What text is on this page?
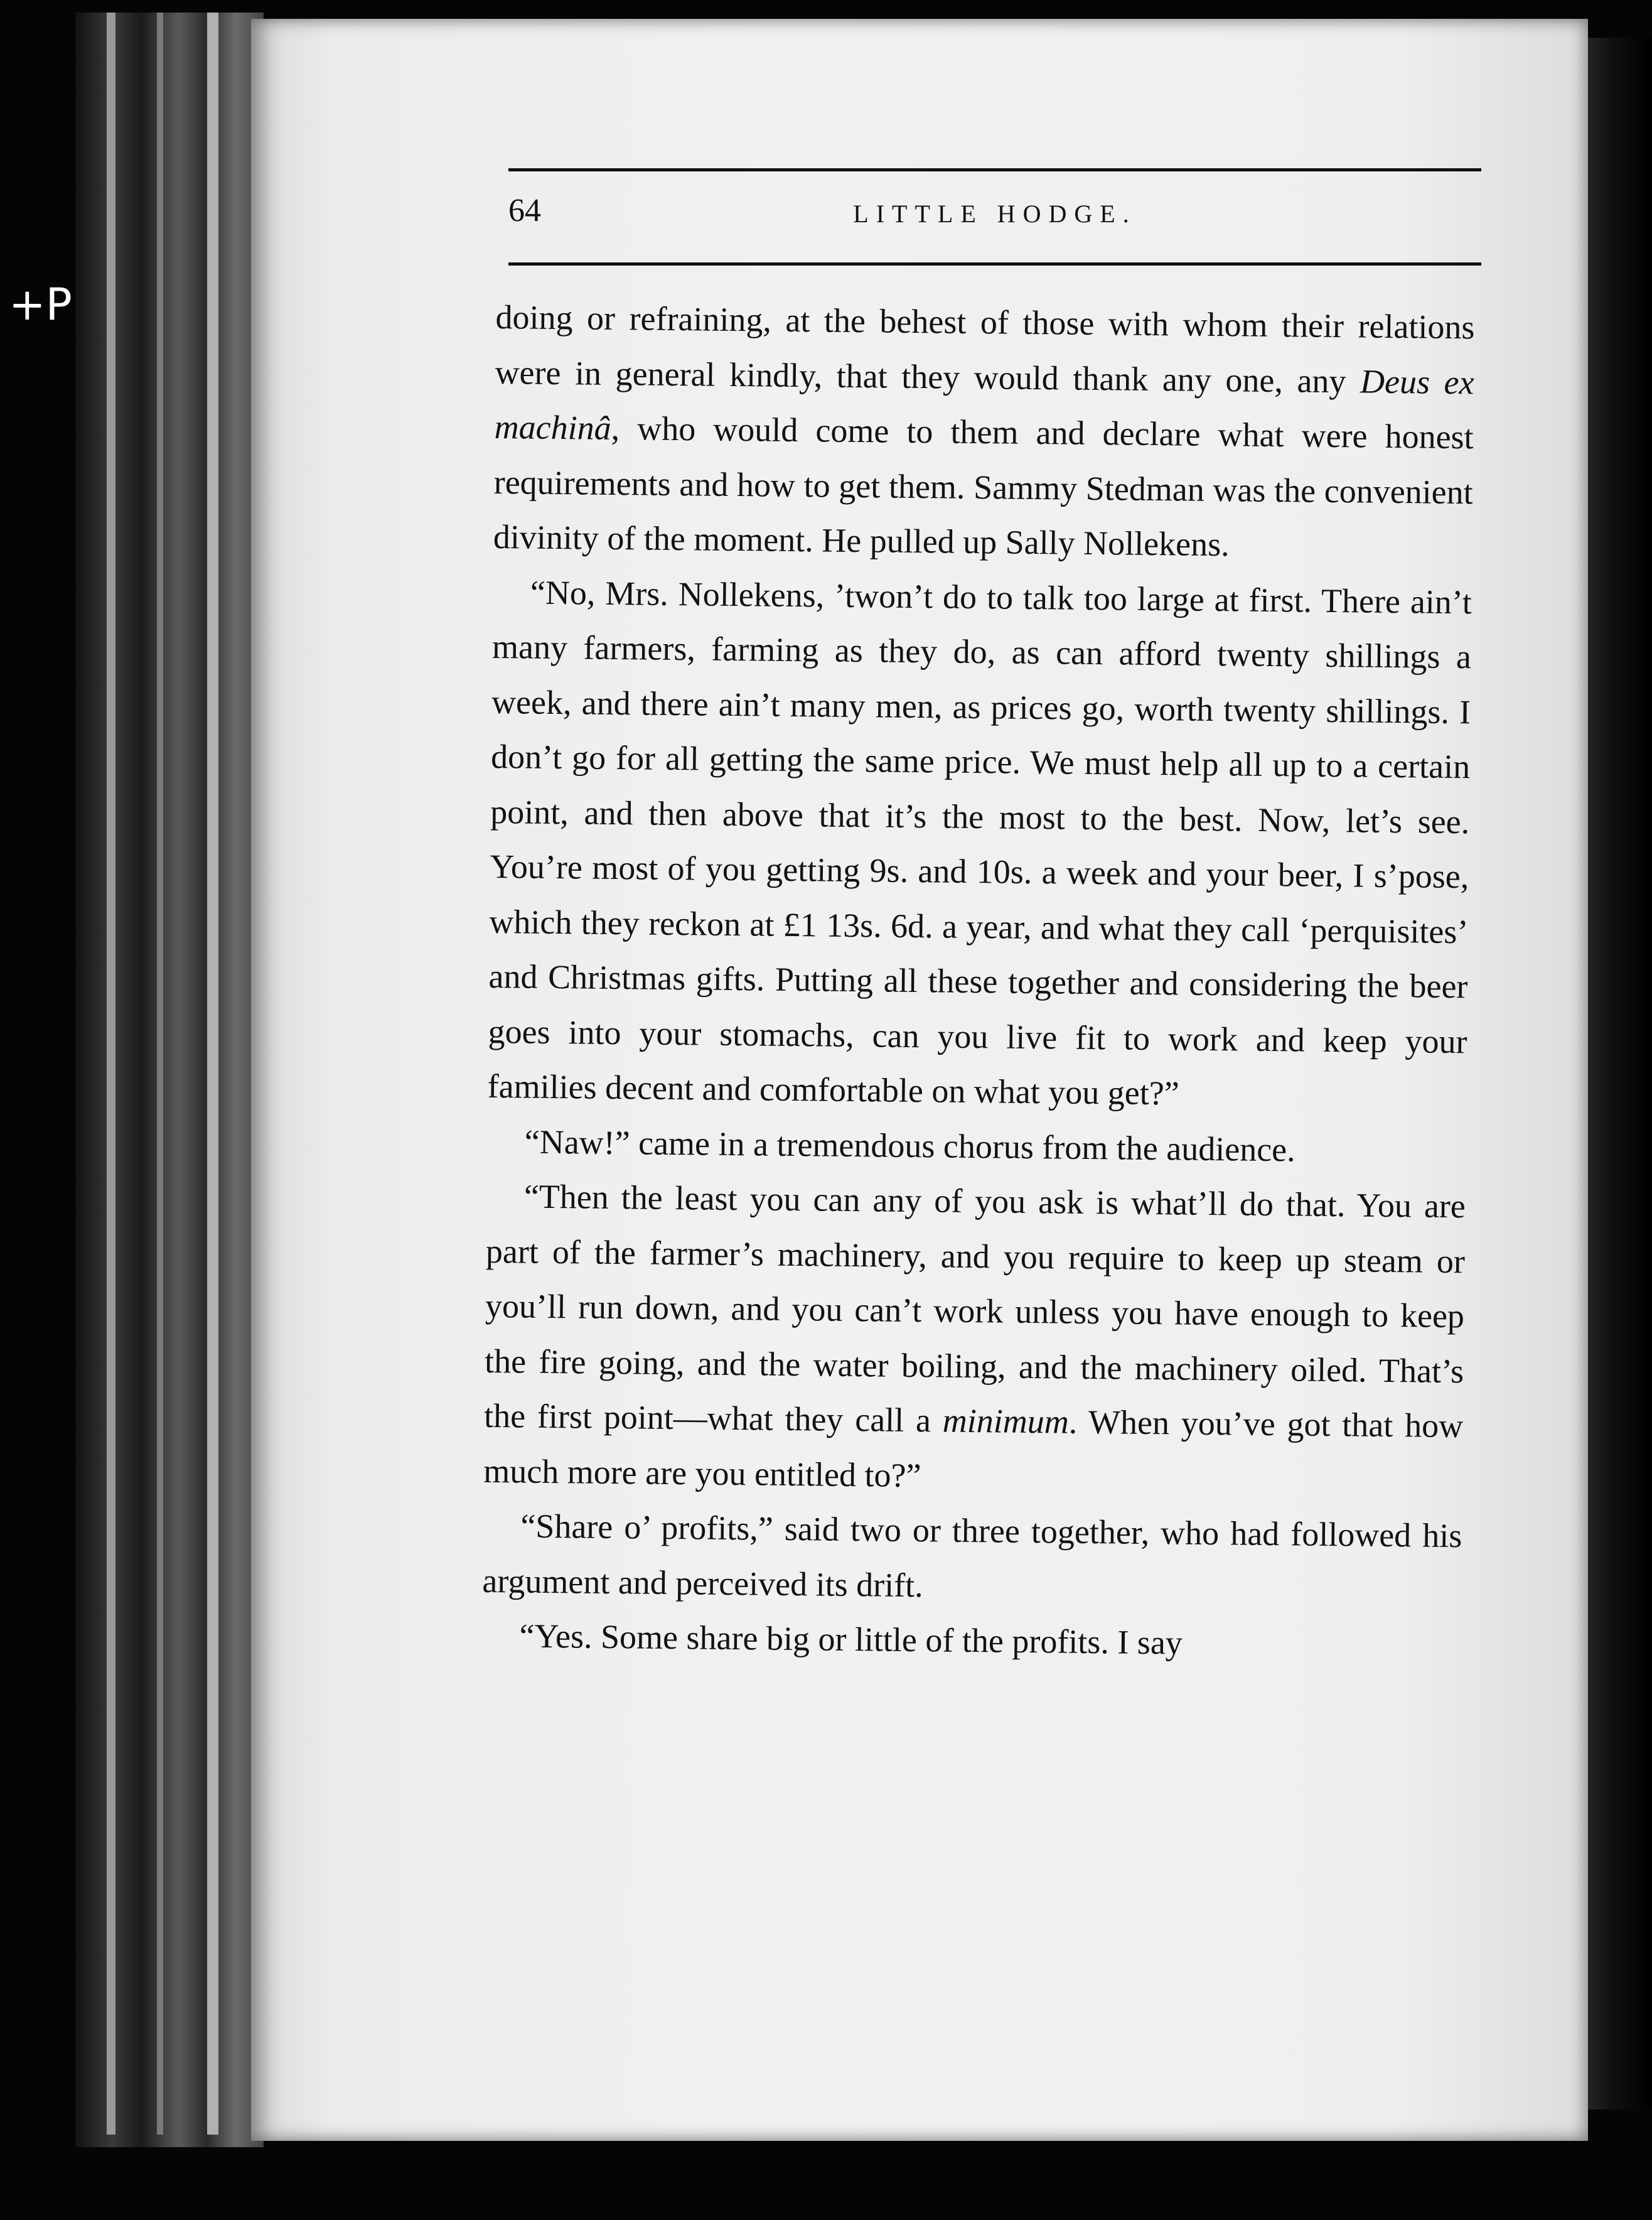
+P
64	LITTLE HODGE.

doing or refraining, at the behest of those with whom their relations were in general kindly, that they would thank any one, any Deus ex machinâ, who would come to them and declare what were honest requirements and how to get them. Sammy Stedman was the convenient divinity of the moment. He pulled up Sally Nollekens.

“No, Mrs. Nollekens, ’twon’t do to talk too large at first. There ain’t many farmers, farming as they do, as can afford twenty shillings a week, and there ain’t many men, as prices go, worth twenty shillings. I don’t go for all getting the same price. We must help all up to a certain point, and then above that it’s the most to the best. Now, let’s see. You’re most of you getting 9s. and 10s. a week and your beer, I s’pose, which they reckon at £1 13s. 6d. a year, and what they call ‘perquisites’ and Christmas gifts. Putting all these together and considering the beer goes into your stomachs, can you live fit to work and keep your families decent and comfortable on what you get?”

“Naw!” came in a tremendous chorus from the audience.

“Then the least you can any of you ask is what’ll do that. You are part of the farmer’s machinery, and you require to keep up steam or you’ll run down, and you can’t work unless you have enough to keep the fire going, and the water boiling, and the machinery oiled. That’s the first point—what they call a minimum. When you’ve got that how much more are you entitled to?”

“Share o’ profits,” said two or three together, who had followed his argument and perceived its drift.

“Yes. Some share big or little of the profits. I say
